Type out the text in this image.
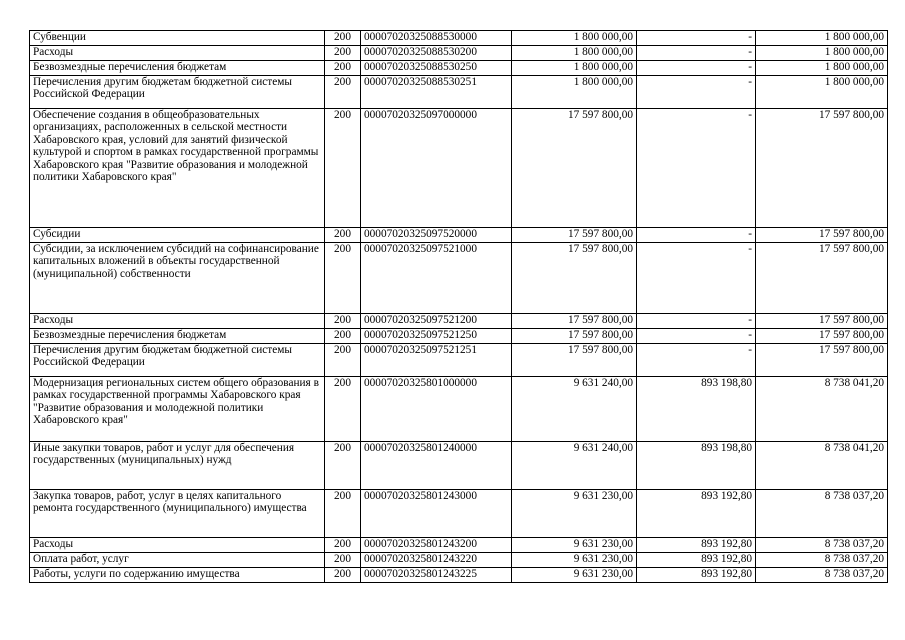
Субвенции	200	00007020325088530000	1 800 000,00	-	1 800 000,00
Расходы	200	00007020325088530200	1 800 000,00	-	1 800 000,00
Безвозмездные перечисления бюджетам	200	00007020325088530250	1 800 000,00	-	1 800 000,00
Перечисления другим бюджетам бюджетной системы Российской Федерации	200	00007020325088530251	1 800 000,00	-	1 800 000,00
Обеспечение создания в общеобразовательных организациях, расположенных в сельской местности Хабаровского края, условий для занятий физической культурой и спортом в рамках государственной программы Хабаровского края "Развитие образования и молодежной политики Хабаровского края"	200	00007020325097000000	17 597 800,00	-	17 597 800,00
Субсидии	200	00007020325097520000	17 597 800,00	-	17 597 800,00
Субсидии, за исключением субсидий на софинансирование капитальных вложений в объекты государственной (муниципальной) собственности	200	00007020325097521000	17 597 800,00	-	17 597 800,00
Расходы	200	00007020325097521200	17 597 800,00	-	17 597 800,00
Безвозмездные перечисления бюджетам	200	00007020325097521250	17 597 800,00	-	17 597 800,00
Перечисления другим бюджетам бюджетной системы Российской Федерации	200	00007020325097521251	17 597 800,00	-	17 597 800,00
Модернизация региональных систем общего образования в рамках государственной программы Хабаровского края "Развитие образования и молодежной политики Хабаровского края"	200	00007020325801000000	9 631 240,00	893 198,80	8 738 041,20
Иные закупки товаров, работ и услуг для обеспечения государственных (муниципальных) нужд	200	00007020325801240000	9 631 240,00	893 198,80	8 738 041,20
Закупка товаров, работ, услуг в целях капитального ремонта государственного (муниципального) имущества	200	00007020325801243000	9 631 230,00	893 192,80	8 738 037,20
Расходы	200	00007020325801243200	9 631 230,00	893 192,80	8 738 037,20
Оплата работ, услуг	200	00007020325801243220	9 631 230,00	893 192,80	8 738 037,20
Работы, услуги по содержанию имущества	200	00007020325801243225	9 631 230,00	893 192,80	8 738 037,20
